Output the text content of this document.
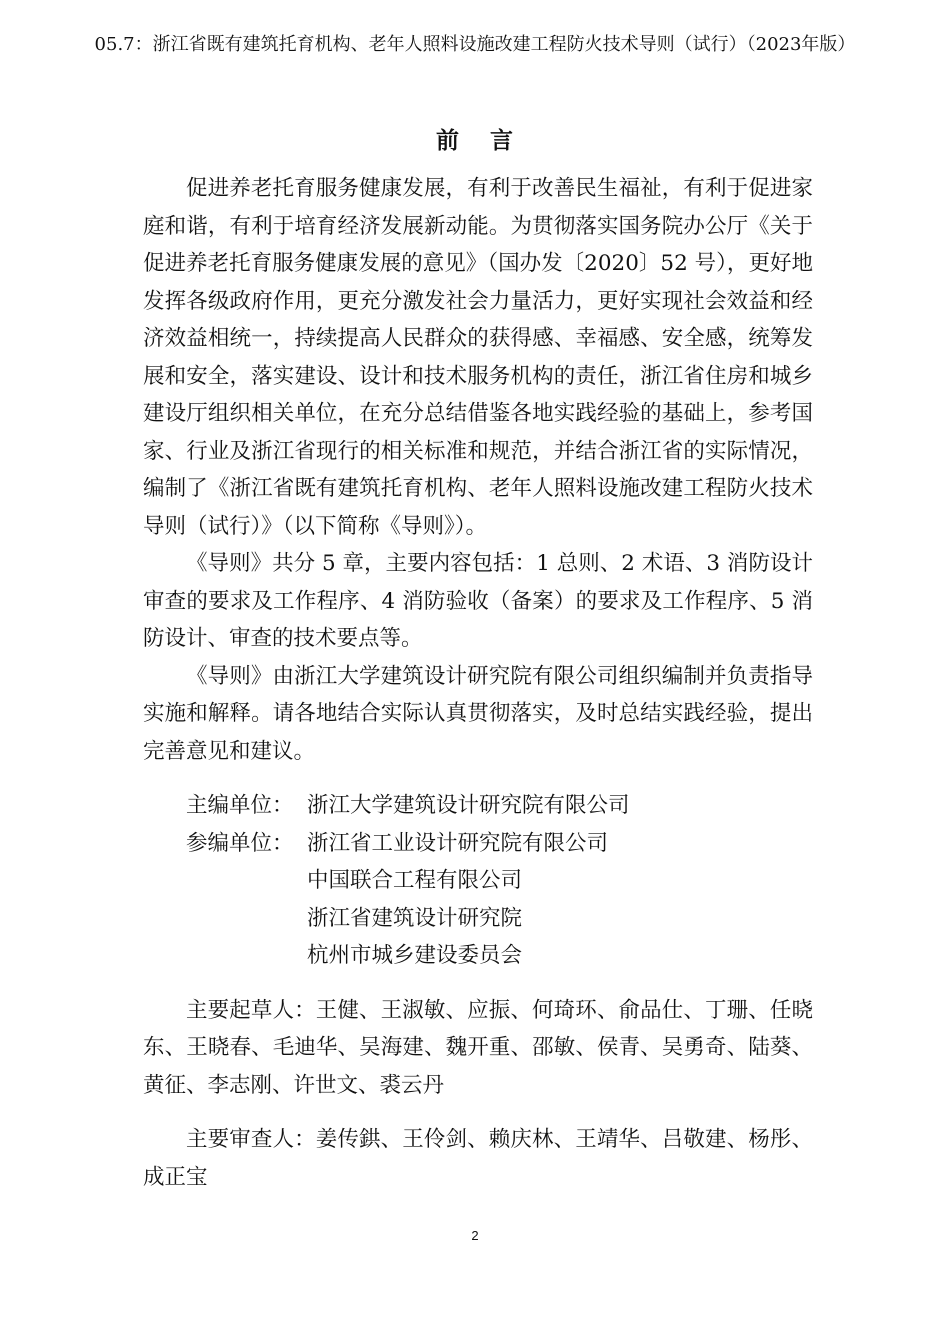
05.7：浙江省既有建筑托育机构、老年人照料设施改建工程防火技术导则（试行）（2023年版）
前 言

促进养老托育服务健康发展，有利于改善民生福祉，有利于促进家庭和谐，有利于培育经济发展新动能。为贯彻落实国务院办公厅《关于促进养老托育服务健康发展的意见》（国办发〔2020〕52 号），更好地发挥各级政府作用，更充分激发社会力量活力，更好实现社会效益和经济效益相统一，持续提高人民群众的获得感、幸福感、安全感，统筹发展和安全，落实建设、设计和技术服务机构的责任，浙江省住房和城乡建设厅组织相关单位，在充分总结借鉴各地实践经验的基础上，参考国家、行业及浙江省现行的相关标准和规范，并结合浙江省的实际情况，编制了《浙江省既有建筑托育机构、老年人照料设施改建工程防火技术导则（试行）》（以下简称《导则》）。

《导则》共分 5 章，主要内容包括：1 总则、2 术语、3 消防设计审查的要求及工作程序、4 消防验收（备案）的要求及工作程序、5 消防设计、审查的技术要点等。

《导则》由浙江大学建筑设计研究院有限公司组织编制并负责指导实施和解释。请各地结合实际认真贯彻落实，及时总结实践经验，提出完善意见和建议。

主编单位： 浙江大学建筑设计研究院有限公司
参编单位： 浙江省工业设计研究院有限公司
中国联合工程有限公司
浙江省建筑设计研究院
杭州市城乡建设委员会

主要起草人：王健、王淑敏、应振、何琦环、俞品仕、丁珊、任晓东、王晓春、毛迪华、吴海建、魏开重、邵敏、侯青、吴勇奇、陆葵、黄征、李志刚、许世文、裘云丹

主要审查人：姜传鉷、王伶剑、赖庆林、王靖华、吕敬建、杨彤、成正宝

2
